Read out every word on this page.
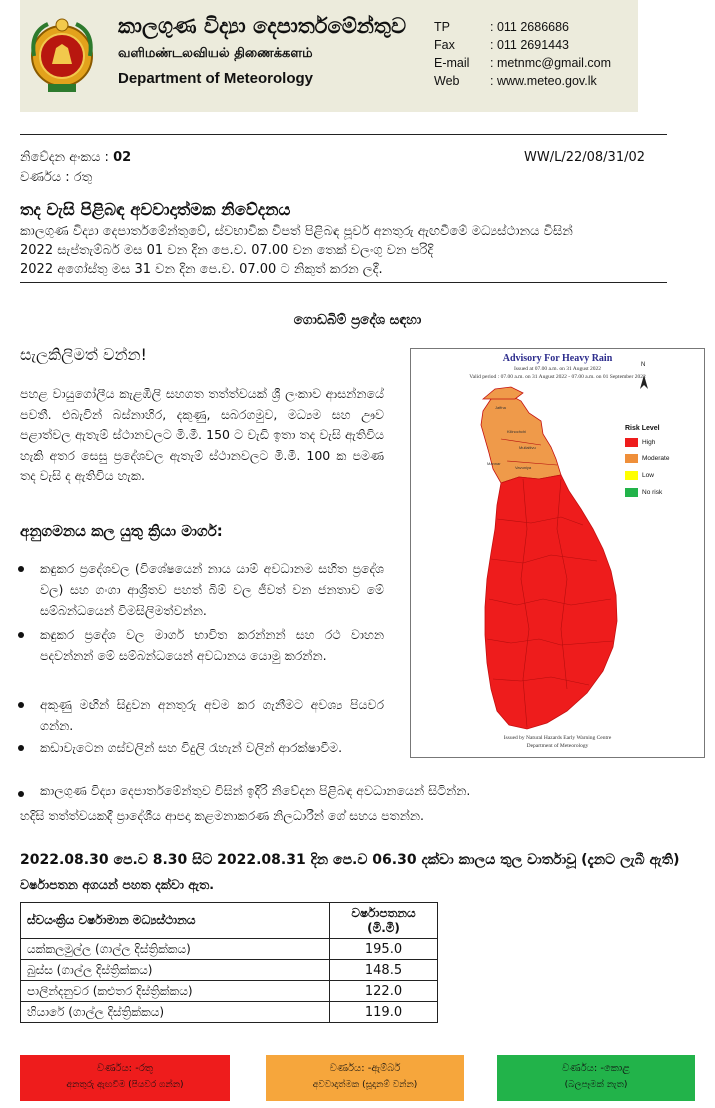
කාලගුණ විද්‍යා දෙපාර්තමේන්තුව
வளிமண்டலவியல் திணைக்களம்
Department of Meteorology
TP	: 011 2686686
Fax	: 011 2691443
E-mail : metnmc@gmail.com
Web : www.meteo.gov.lk
නිවේදන අංකය : 02	WW/L/22/08/31/02
වර්ණය : රතු
තද වැසි පිළිබඳ අවවාදාත්මක නිවේදනය
කාලගුණ විද්‍යා දෙපාර්තමේන්තුවේ, ස්වභාවික විපත් පිළිබඳ පූර්ව අනතුරු ඇඟවීමේ මධ්‍යස්ථානය විසින්
2022 සැප්තැම්බර් මස 01 වන දින පෙ.ව. 07.00 වන තෙක් වලංගු වන පරිදි
2022 අගෝස්තු මස 31 වන දින පෙ.ව. 07.00 ට නිකුත් කරන ලදී.
ගොඩබිම් ප්‍රදේශ සඳහා
සැලකිලිමත් වන්න!
පහළ වායුගෝලීය කැළඹීලි සහගත තත්ත්වයක් ශ්‍රී ලංකාව ආසන්නයේ පවතී. එබැවින් බස්නාහිර, දකුණු, සබරගමුව, මධ්‍යම සහ ඌව පළාත්වල ඇතැම් ස්ථානවලට මි.මී. 150 ට වැඩි ඉතා තද වැසි ඇතිවිය හැකි අතර සෙසු ප්‍රදේශවල ඇතැම් ස්ථානවලට මි.මී. 100 ක පමණ තද වැසි ද ඇතිවිය හැක.
අනුගමනය කල යුතු ක්‍රියා මාර්ග:
කඳුකර ප්‍රදේශවල (විශේෂයෙන් නාය යාම් අවධානම සහිත ප්‍රදේශ වල) සහ ගංගා ආශ්‍රිතව පහත් බිම් වල ජීවත් වන ජනතාව මේ සම්බන්ධයෙන් විමසිලිමත්වන්න.
කඳුකර ප්‍රදේශ වල මාර්ග භාවිත කරන්නන් සහ රථ වාහන පදවන්නන් මේ සම්බන්ධයෙන් අවධානය යොමු කරන්න.
අකුණු මඟින් සිදුවන අනතුරු අවම කර ගැනීමට අවශ්‍ය පියවර ගන්න.
කඩාවැටෙන ගස්වලින් සහ විදුලි රැහැන් වලින් ආරක්ෂාවීම.
කාලගුණ විද්‍යා දෙපාර්තමේන්තුව විසින් ඉදිරි නිවේදන පිළිබඳ අවධානයෙන් සිටින්න.
හදිසි තත්ත්වයකදී ප්‍රාදේශීය ආපදා කළමනාකරණ නිලධාරීන් ගේ සහය පතන්න.
Advisory For Heavy Rain
Issued at 07.00 a.m. on 31 August 2022
Valid period : 07.00 a.m. on 31 August 2022 - 07.00 a.m. on 01 September 2022
N
Jaffna
Kilinochchi
Mullaitivu
Mannar
Vavuniya
Risk Level
High
Moderate
Low
No risk
Issued by Natural Hazards Early Warning Centre
Department of Meteorology
2022.08.30 පෙ.ව 8.30 සිට 2022.08.31 දින පෙ.ව 06.30 දක්වා කාලය තුල වාර්තාවූ (දැනට ලැබී ඇති)
වර්ෂාපතන අගයන් පහත දක්වා ඇත.
ස්වයංක්‍රිය වර්ෂාමාන මධ්‍යස්ථානය	වර්ෂාපතනය
(මි.මී)
යක්කලමුල්ල (ගාල්ල දිස්ත්‍රික්කය)	195.0
බුස්ස (ගාල්ල දිස්ත්‍රික්කය)	148.5
පාලින්දනුවර (කළුතර දිස්ත්‍රික්කය)	122.0
හියාරේ (ගාල්ල දිස්ත්‍රික්කය)	119.0
වර්ණය: -රතු
අනතුරු ඇඟවීම (පියවර ගන්න)
වර්ණය: -ඇම්බර්
අවවාදාත්මක (සූදානම් වන්න)
වර්ණය: -කොළ
(බලපෑමක් නැත)
